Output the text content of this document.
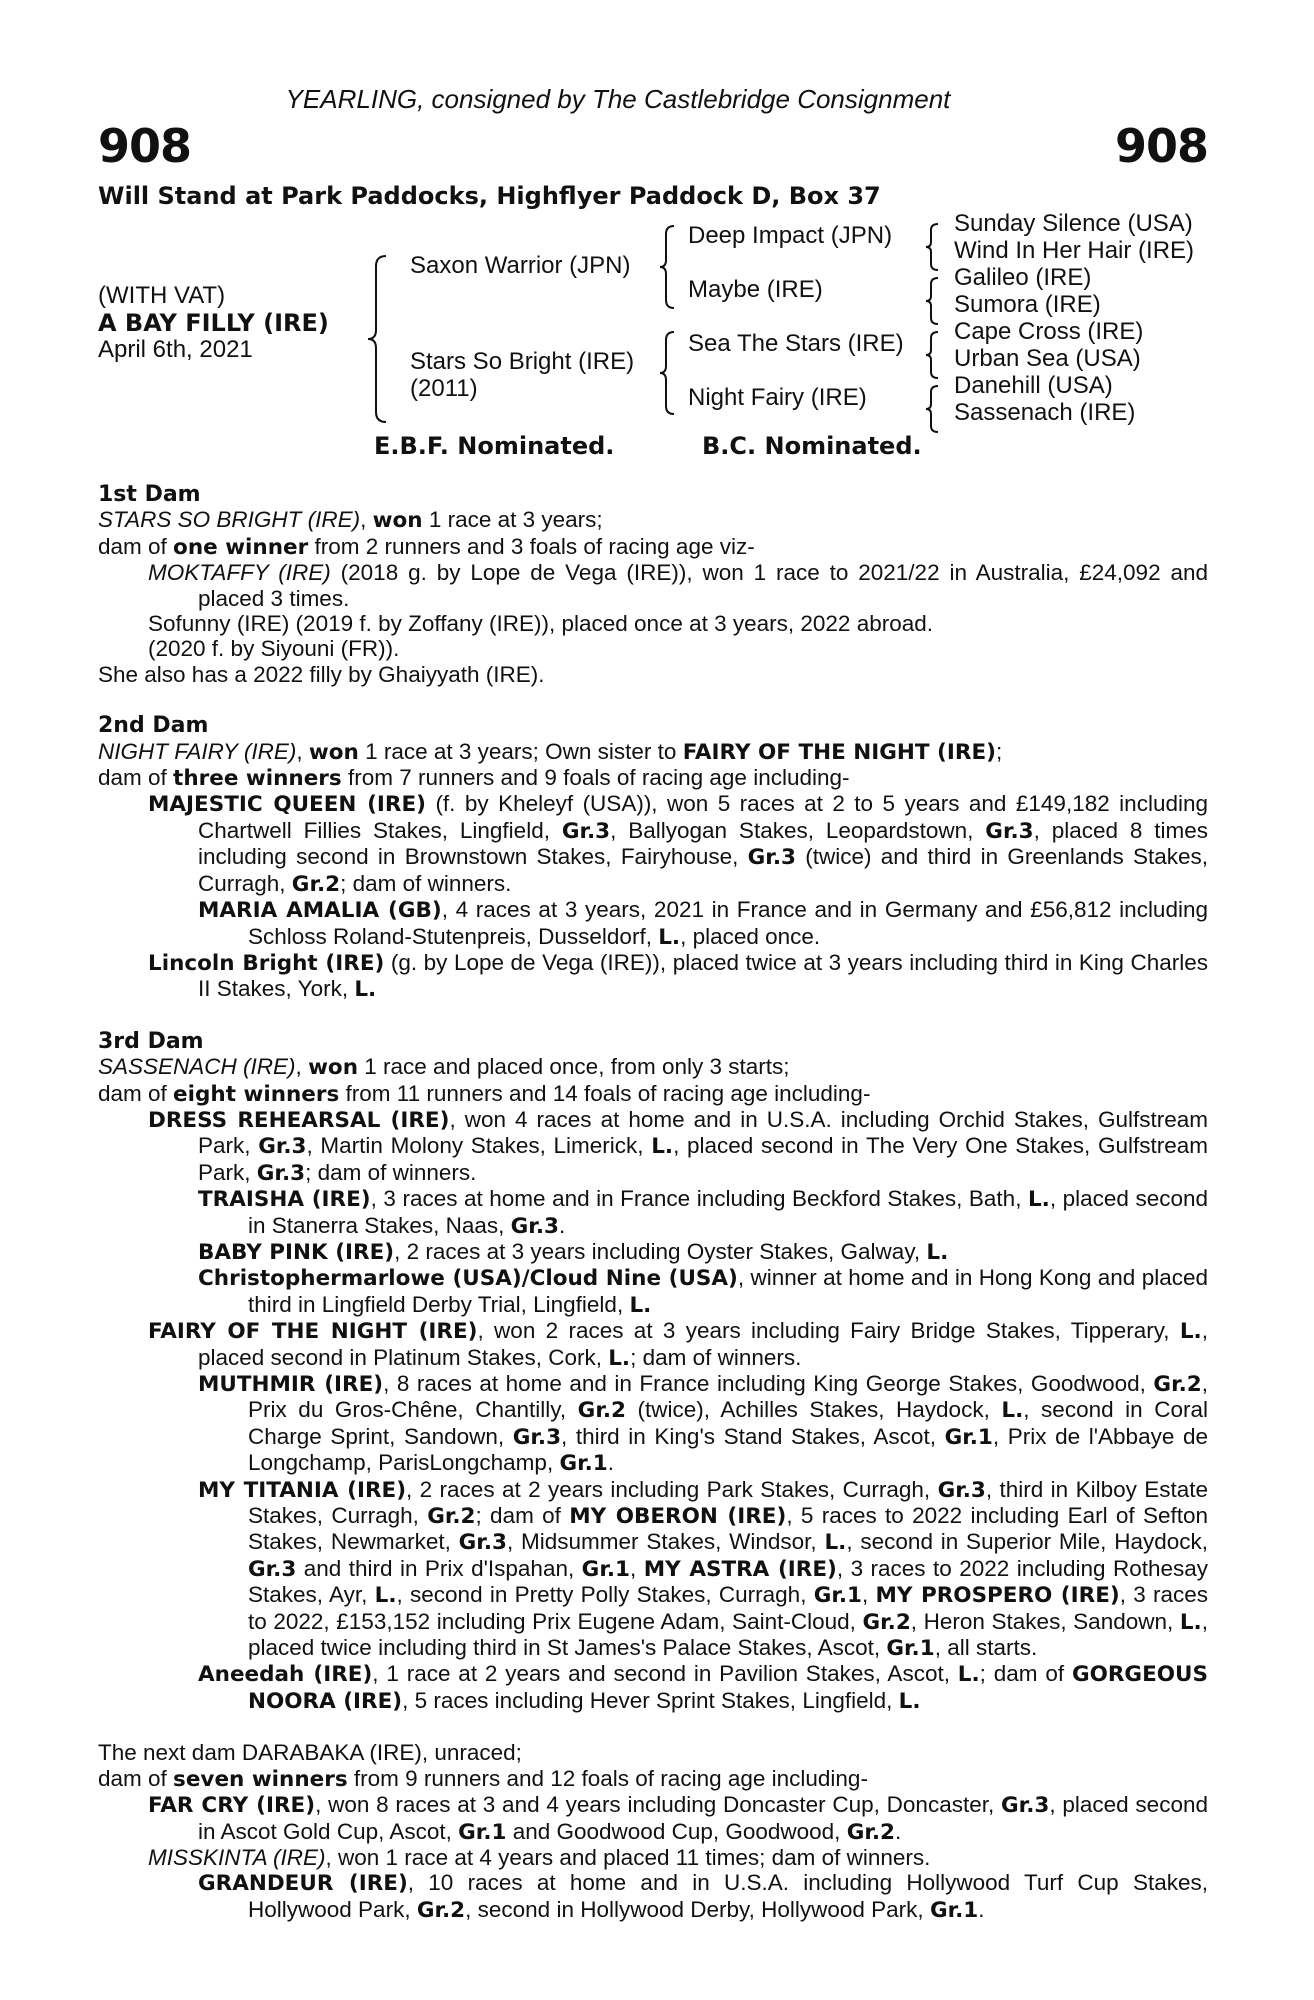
YEARLING, consigned by The Castlebridge Consignment
908	908
Will Stand at Park Paddocks, Highflyer Paddock D, Box 37
(WITH VAT)
A BAY FILLY (IRE)
April 6th, 2021
Saxon Warrior (JPN)
Stars So Bright (IRE)
(2011)
Deep Impact (JPN)
Maybe (IRE)
Sea The Stars (IRE)
Night Fairy (IRE)
Sunday Silence (USA)
Wind In Her Hair (IRE)
Galileo (IRE)
Sumora (IRE)
Cape Cross (IRE)
Urban Sea (USA)
Danehill (USA)
Sassenach (IRE)
E.B.F. Nominated.	B.C. Nominated.
1st Dam
STARS SO BRIGHT (IRE), won 1 race at 3 years;
dam of one winner from 2 runners and 3 foals of racing age viz-
MOKTAFFY (IRE) (2018 g. by Lope de Vega (IRE)), won 1 race to 2021/22 in Australia, £24,092 and placed 3 times.
Sofunny (IRE) (2019 f. by Zoffany (IRE)), placed once at 3 years, 2022 abroad.
(2020 f. by Siyouni (FR)).
She also has a 2022 filly by Ghaiyyath (IRE).
2nd Dam
NIGHT FAIRY (IRE), won 1 race at 3 years; Own sister to FAIRY OF THE NIGHT (IRE);
dam of three winners from 7 runners and 9 foals of racing age including-
MAJESTIC QUEEN (IRE) (f. by Kheleyf (USA)), won 5 races at 2 to 5 years and £149,182 including Chartwell Fillies Stakes, Lingfield, Gr.3, Ballyogan Stakes, Leopardstown, Gr.3, placed 8 times including second in Brownstown Stakes, Fairyhouse, Gr.3 (twice) and third in Greenlands Stakes, Curragh, Gr.2; dam of winners.
MARIA AMALIA (GB), 4 races at 3 years, 2021 in France and in Germany and £56,812 including Schloss Roland-Stutenpreis, Dusseldorf, L., placed once.
Lincoln Bright (IRE) (g. by Lope de Vega (IRE)), placed twice at 3 years including third in King Charles II Stakes, York, L.
3rd Dam
SASSENACH (IRE), won 1 race and placed once, from only 3 starts;
dam of eight winners from 11 runners and 14 foals of racing age including-
DRESS REHEARSAL (IRE), won 4 races at home and in U.S.A. including Orchid Stakes, Gulfstream Park, Gr.3, Martin Molony Stakes, Limerick, L., placed second in The Very One Stakes, Gulfstream Park, Gr.3; dam of winners.
TRAISHA (IRE), 3 races at home and in France including Beckford Stakes, Bath, L., placed second in Stanerra Stakes, Naas, Gr.3.
BABY PINK (IRE), 2 races at 3 years including Oyster Stakes, Galway, L.
Christophermarlowe (USA)/Cloud Nine (USA), winner at home and in Hong Kong and placed third in Lingfield Derby Trial, Lingfield, L.
FAIRY OF THE NIGHT (IRE), won 2 races at 3 years including Fairy Bridge Stakes, Tipperary, L., placed second in Platinum Stakes, Cork, L.; dam of winners.
MUTHMIR (IRE), 8 races at home and in France including King George Stakes, Goodwood, Gr.2, Prix du Gros-Chêne, Chantilly, Gr.2 (twice), Achilles Stakes, Haydock, L., second in Coral Charge Sprint, Sandown, Gr.3, third in King's Stand Stakes, Ascot, Gr.1, Prix de l'Abbaye de Longchamp, ParisLongchamp, Gr.1.
MY TITANIA (IRE), 2 races at 2 years including Park Stakes, Curragh, Gr.3, third in Kilboy Estate Stakes, Curragh, Gr.2; dam of MY OBERON (IRE), 5 races to 2022 including Earl of Sefton Stakes, Newmarket, Gr.3, Midsummer Stakes, Windsor, L., second in Superior Mile, Haydock, Gr.3 and third in Prix d'Ispahan, Gr.1, MY ASTRA (IRE), 3 races to 2022 including Rothesay Stakes, Ayr, L., second in Pretty Polly Stakes, Curragh, Gr.1, MY PROSPERO (IRE), 3 races to 2022, £153,152 including Prix Eugene Adam, Saint-Cloud, Gr.2, Heron Stakes, Sandown, L., placed twice including third in St James's Palace Stakes, Ascot, Gr.1, all starts.
Aneedah (IRE), 1 race at 2 years and second in Pavilion Stakes, Ascot, L.; dam of GORGEOUS NOORA (IRE), 5 races including Hever Sprint Stakes, Lingfield, L.
The next dam DARABAKA (IRE), unraced;
dam of seven winners from 9 runners and 12 foals of racing age including-
FAR CRY (IRE), won 8 races at 3 and 4 years including Doncaster Cup, Doncaster, Gr.3, placed second in Ascot Gold Cup, Ascot, Gr.1 and Goodwood Cup, Goodwood, Gr.2.
MISSKINTA (IRE), won 1 race at 4 years and placed 11 times; dam of winners.
GRANDEUR (IRE), 10 races at home and in U.S.A. including Hollywood Turf Cup Stakes, Hollywood Park, Gr.2, second in Hollywood Derby, Hollywood Park, Gr.1.
